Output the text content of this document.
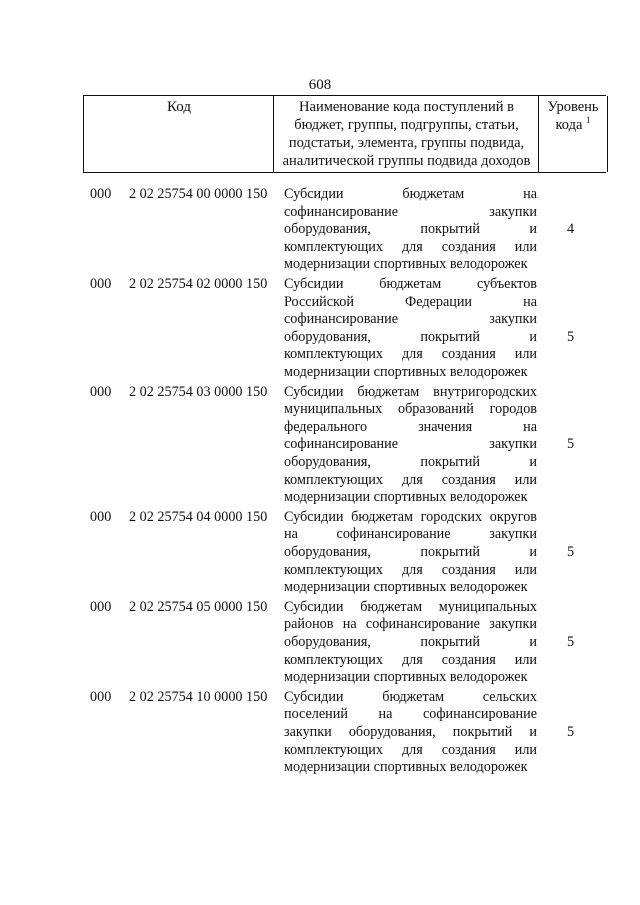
608
Код	Наименование кода поступлений в
бюджет, группы, подгруппы, статьи,
подстатьи, элемента, группы подвида,
аналитической группы подвида доходов
Уровень
кода $^1$
000 2 02 25754 00 0000 150 Субсидии бюджетам на
софинансирование закупки
оборудования, покрытий и
комплектующих для создания или
модернизации спортивных велодорожек
4
000 2 02 25754 02 0000 150 Субсидии бюджетам субъектов
Российской Федерации на
софинансирование закупки
оборудования, покрытий и
комплектующих для создания или
модернизации спортивных велодорожек
5
000 2 02 25754 03 0000 150 Субсидии бюджетам внутригородских
муниципальных образований городов
федерального значения на
софинансирование закупки
оборудования, покрытий и
комплектующих для создания или
модернизации спортивных велодорожек
5
000 2 02 25754 04 0000 150 Субсидии бюджетам городских округов
на софинансирование закупки
оборудования, покрытий и
комплектующих для создания или
модернизации спортивных велодорожек
5
000 2 02 25754 05 0000 150 Субсидии бюджетам муниципальных
районов на софинансирование закупки
оборудования, покрытий и
комплектующих для создания или
модернизации спортивных велодорожек
5
000 2 02 25754 10 0000 150 Субсидии бюджетам сельских
поселений на софинансирование
закупки оборудования, покрытий и
комплектующих для создания или
модернизации спортивных велодорожек
5
